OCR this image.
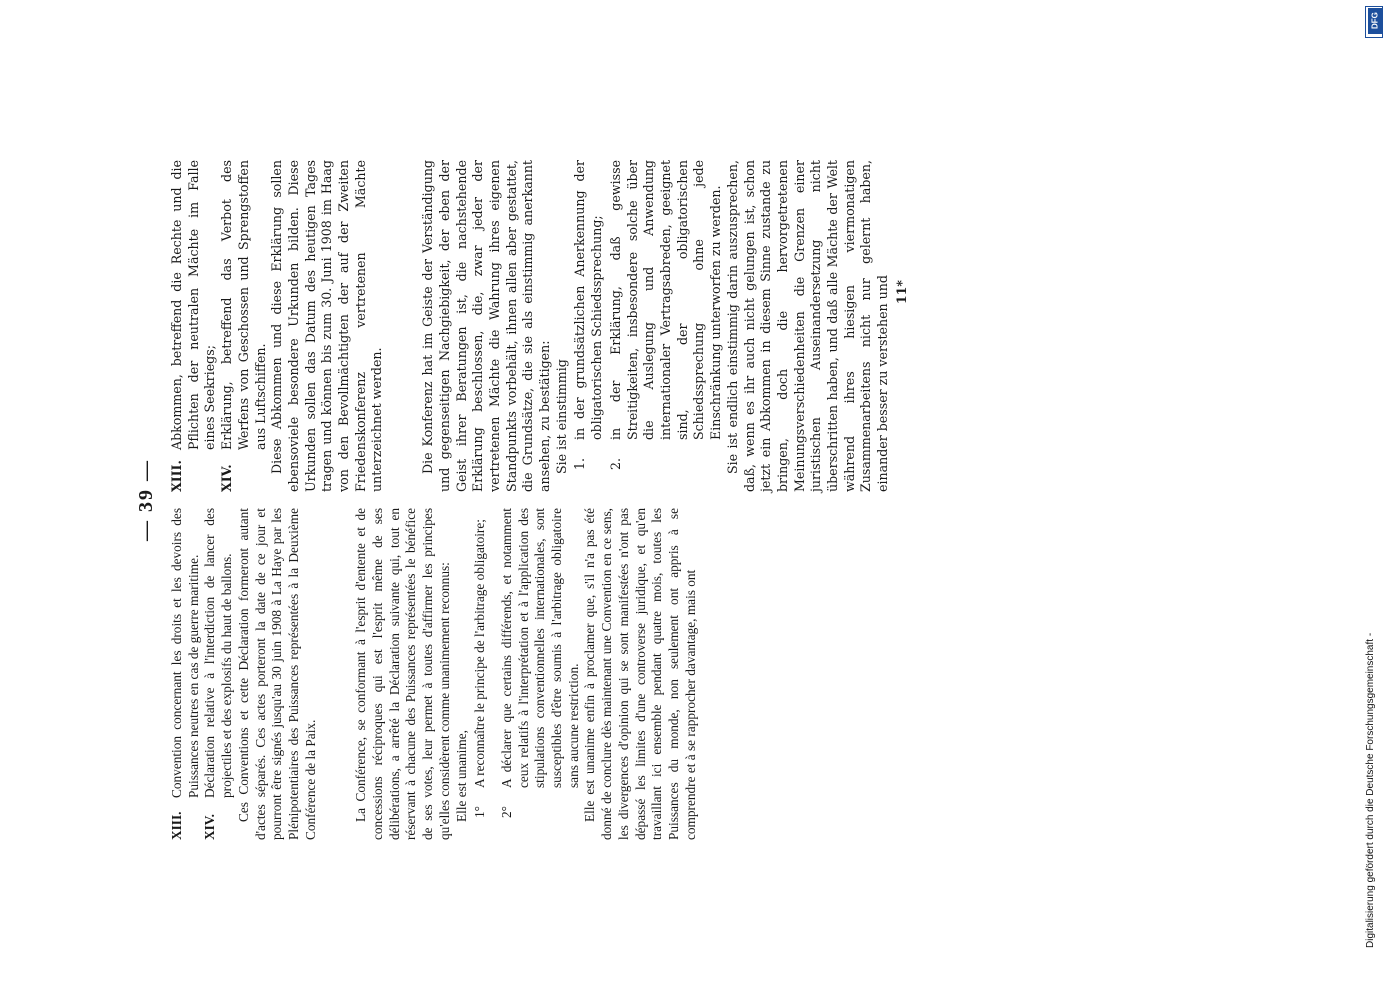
— 39 —
XIII.
Convention concernant les droits et les devoirs des Puissances neutres en cas de guerre maritime.
XIV.
Déclaration relative à l'interdiction de lancer des projectiles et des explosifs du haut de ballons. Ces Conventions et cette Déclaration formeront autant d'actes séparés. Ces actes porteront la date de ce jour et pourront être signés jusqu'au 30 juin 1908 à La Haye par les Plénipotentiaires des Puissances représentées à la Deuxième Conférence de la Paix.	La Conférence, se conformant à l'esprit d'entente et de concessions réciproques qui est l'esprit même de ses délibérations, a arrêté la Déclaration suivante qui, tout en réservant à chacune des Puissances représentées le bénéfice de ses votes, leur permet à toutes d'affirmer les principes qu'elles considèrent comme unanimement reconnus: Elle est unanime, 1°
A reconnaître le principe de l'arbitrage obligatoire;
2°
A déclarer que certains différends, et notamment ceux relatifs à l'interprétation et à l'application des stipulations conventionnelles internationales, sont susceptibles d'être soumis à l'arbitrage obligatoire sans aucune restriction. Elle est unanime enfin à proclamer que, s'il n'a pas été donné de conclure dès maintenant une Convention en ce sens, les divergences d'opinion qui se sont manifestées n'ont pas dépassé les limites d'une controverse juridique, et qu'en travaillant ici ensemble pendant quatre mois, toutes les Puissances du monde, non seulement ont appris à se comprendre et à se rapprocher davantage, mais ont

XIII.
Abkommen, betreffend die Rechte und die Pflichten der neutralen Mächte im Falle eines Seekriegs;
XIV.
Erklärung, betreffend das Verbot des Werfens von Geschossen und Sprengstoffen aus Luftschiffen. Diese Abkommen und diese Erklärung sollen ebensoviele besondere Urkunden bilden. Diese Urkunden sollen das Datum des heutigen Tages tragen und können bis zum 30. Juni 1908 im Haag von den Bevollmächtigten der auf der Zweiten Friedenskonferenz vertretenen Mächte unterzeichnet werden.	Die Konferenz hat im Geiste der Verständigung und gegenseitigen Nachgiebigkeit, der eben der Geist ihrer Beratungen ist, die nachstehende Erklärung beschlossen, die, zwar jeder der vertretenen Mächte die Wahrung ihres eigenen Standpunkts vorbehält, ihnen allen aber gestattet, die Grundsätze, die sie als einstimmig anerkannt ansehen, zu bestätigen: Sie ist einstimmig 1.
in der grundsätzlichen Anerkennung der obligatorischen Schiedssprechung;
2.
in der Erklärung, daß gewisse Streitigkeiten, insbesondere solche über die Auslegung und Anwendung internationaler Vertragsabreden, geeignet sind, der obligatorischen Schiedssprechung ohne jede Einschränkung unterworfen zu werden. Sie ist endlich einstimmig darin auszusprechen, daß, wenn es ihr auch nicht gelungen ist, schon jetzt ein Abkommen in diesem Sinne zustande zu bringen, doch die hervorgetretenen Meinungsverschiedenheiten die Grenzen einer juristischen Auseinandersetzung nicht überschritten haben, und daß alle Mächte der Welt während ihres hiesigen viermonatigen Zusammenarbeitens nicht nur gelernt haben, einander besser zu verstehen und 11*
DFG
Digitalisierung gefördert durch die Deutsche Forschungsgemeinschaft -
